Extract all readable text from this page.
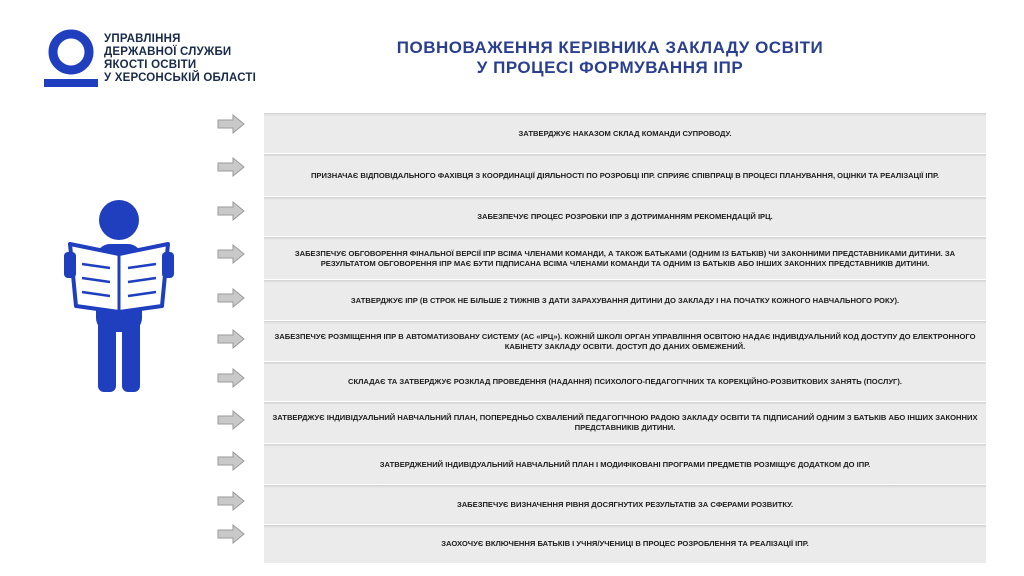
УПРАВЛІННЯ
ДЕРЖАВНОЇ СЛУЖБИ
ЯКОСТІ ОСВІТИ
У ХЕРСОНСЬКІЙ ОБЛАСТІ
ПОВНОВАЖЕННЯ КЕРІВНИКА ЗАКЛАДУ ОСВІТИ
У ПРОЦЕСІ ФОРМУВАННЯ ІПР
ЗАТВЕРДЖУЄ НАКАЗОМ СКЛАД КОМАНДИ СУПРОВОДУ.
ПРИЗНАЧАЄ ВІДПОВІДАЛЬНОГО ФАХІВЦЯ З КООРДИНАЦІЇ ДІЯЛЬНОСТІ ПО РОЗРОБЦІ ІПР. СПРИЯЄ СПІВПРАЦІ В ПРОЦЕСІ ПЛАНУВАННЯ, ОЦІНКИ ТА РЕАЛІЗАЦІЇ ІПР.
ЗАБЕЗПЕЧУЄ ПРОЦЕС РОЗРОБКИ ІПР З ДОТРИМАННЯМ РЕКОМЕНДАЦІЙ ІРЦ.
ЗАБЕЗПЕЧУЄ ОБГОВОРЕННЯ ФІНАЛЬНОЇ ВЕРСІЇ ІПР ВСІМА ЧЛЕНАМИ КОМАНДИ, А ТАКОЖ БАТЬКАМИ (ОДНИМ ІЗ БАТЬКІВ) ЧИ ЗАКОННИМИ ПРЕДСТАВНИКАМИ ДИТИНИ. ЗА РЕЗУЛЬТАТОМ ОБГОВОРЕННЯ ІПР МАЄ БУТИ ПІДПИСАНА ВСІМА ЧЛЕНАМИ КОМАНДИ ТА ОДНИМ ІЗ БАТЬКІВ АБО ІНШИХ ЗАКОННИХ ПРЕДСТАВНИКІВ ДИТИНИ.
ЗАТВЕРДЖУЄ ІПР (В СТРОК НЕ БІЛЬШЕ 2 ТИЖНІВ З ДАТИ ЗАРАХУВАННЯ ДИТИНИ ДО ЗАКЛАДУ І НА ПОЧАТКУ КОЖНОГО НАВЧАЛЬНОГО РОКУ).
ЗАБЕЗПЕЧУЄ РОЗМІЩЕННЯ ІПР В АВТОМАТИЗОВАНУ СИСТЕМУ (АС «ІРЦ»). КОЖНІЙ ШКОЛІ ОРГАН УПРАВЛІННЯ ОСВІТОЮ НАДАЄ ІНДИВІДУАЛЬНИЙ КОД ДОСТУПУ ДО ЕЛЕКТРОННОГО КАБІНЕТУ ЗАКЛАДУ ОСВІТИ. ДОСТУП ДО ДАНИХ ОБМЕЖЕНИЙ.
СКЛАДАЄ ТА ЗАТВЕРДЖУЄ РОЗКЛАД ПРОВЕДЕННЯ (НАДАННЯ) ПСИХОЛОГО-ПЕДАГОГІЧНИХ ТА КОРЕКЦІЙНО-РОЗВИТКОВИХ ЗАНЯТЬ (ПОСЛУГ).
ЗАТВЕРДЖУЄ ІНДИВІДУАЛЬНИЙ НАВЧАЛЬНИЙ ПЛАН, ПОПЕРЕДНЬО СХВАЛЕНИЙ ПЕДАГОГІЧНОЮ РАДОЮ ЗАКЛАДУ ОСВІТИ ТА ПІДПИСАНИЙ ОДНИМ З БАТЬКІВ АБО ІНШИХ ЗАКОННИХ ПРЕДСТАВНИКІВ ДИТИНИ.
ЗАТВЕРДЖЕНИЙ ІНДИВІДУАЛЬНИЙ НАВЧАЛЬНИЙ ПЛАН І МОДИФІКОВАНІ ПРОГРАМИ ПРЕДМЕТІВ РОЗМІЩУЄ ДОДАТКОМ ДО ІПР.
ЗАБЕЗПЕЧУЄ ВИЗНАЧЕННЯ РІВНЯ ДОСЯГНУТИХ РЕЗУЛЬТАТІВ ЗА СФЕРАМИ РОЗВИТКУ.
ЗАОХОЧУЄ ВКЛЮЧЕННЯ БАТЬКІВ І УЧНЯ/УЧЕНИЦІ В ПРОЦЕС РОЗРОБЛЕННЯ ТА РЕАЛІЗАЦІЇ ІПР.
